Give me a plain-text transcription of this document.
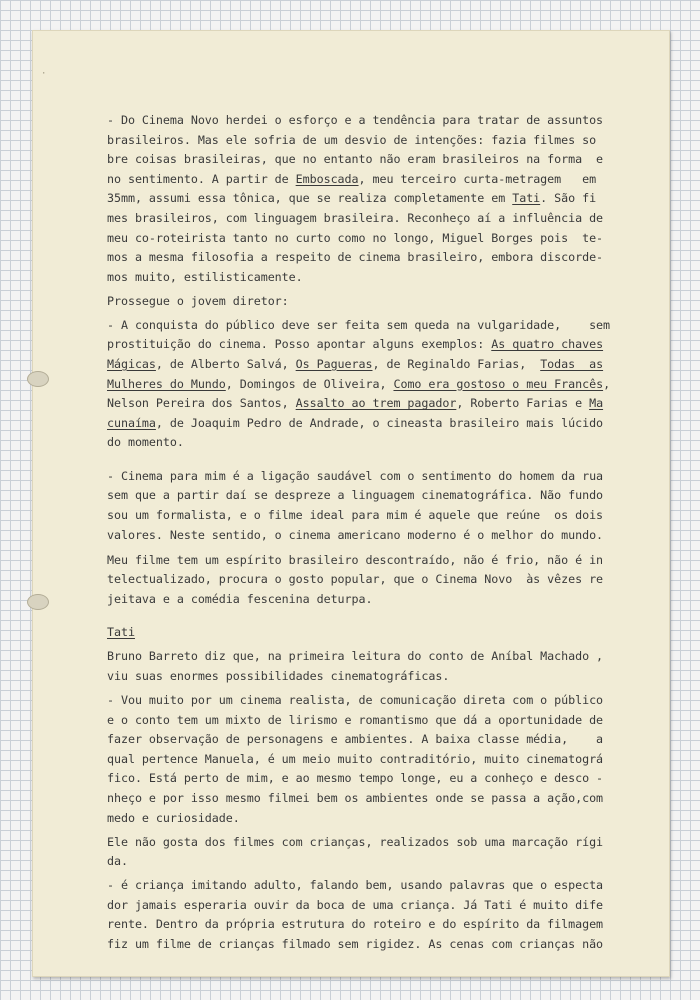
·
- Do Cinema Novo herdei o esforço e a tendência para tratar de assuntos
brasileiros. Mas ele sofria de um desvio de intenções: fazia filmes so
bre coisas brasileiras, que no entanto não eram brasileiros na forma  e
no sentimento. A partir de Emboscada, meu terceiro curta-metragem   em
35mm, assumi essa tônica, que se realiza completamente em Tati. São fi
mes brasileiros, com linguagem brasileira. Reconheço aí a influência de
meu co-roteirista tanto no curto como no longo, Miguel Borges pois  te-
mos a mesma filosofia a respeito de cinema brasileiro, embora discorde-
mos muito, estilisticamente.
Prossegue o jovem diretor:
- A conquista do público deve ser feita sem queda na vulgaridade,    sem
prostituição do cinema. Posso apontar alguns exemplos: As quatro chaves
Mágicas, de Alberto Salvá, Os Pagueras, de Reginaldo Farias,  Todas  as
Mulheres do Mundo, Domingos de Oliveira, Como era gostoso o meu Francês,
Nelson Pereira dos Santos, Assalto ao trem pagador, Roberto Farias e Ma
cunaíma, de Joaquim Pedro de Andrade, o cineasta brasileiro mais lúcido
do momento.
- Cinema para mim é a ligação saudável com o sentimento do homem da rua
sem que a partir daí se despreze a linguagem cinematográfica. Não fundo
sou um formalista, e o filme ideal para mim é aquele que reúne  os dois
valores. Neste sentido, o cinema americano moderno é o melhor do mundo.
Meu filme tem um espírito brasileiro descontraído, não é frio, não é in
telectualizado, procura o gosto popular, que o Cinema Novo  às vêzes re
jeitava e a comédia fescenina deturpa.
Tati
Bruno Barreto diz que, na primeira leitura do conto de Aníbal Machado ,
viu suas enormes possibilidades cinematográficas.
- Vou muito por um cinema realista, de comunicação direta com o público
e o conto tem um mixto de lirismo e romantismo que dá a oportunidade de
fazer observação de personagens e ambientes. A baixa classe média,    a
qual pertence Manuela, é um meio muito contraditório, muito cinematográ
fico. Está perto de mim, e ao mesmo tempo longe, eu a conheço e desco -
nheço e por isso mesmo filmei bem os ambientes onde se passa a ação,com
medo e curiosidade.
Ele não gosta dos filmes com crianças, realizados sob uma marcação rígi
da.
- é criança imitando adulto, falando bem, usando palavras que o especta
dor jamais esperaria ouvir da boca de uma criança. Já Tati é muito dife
rente. Dentro da própria estrutura do roteiro e do espírito da filmagem
fiz um filme de crianças filmado sem rigidez. As cenas com crianças não
